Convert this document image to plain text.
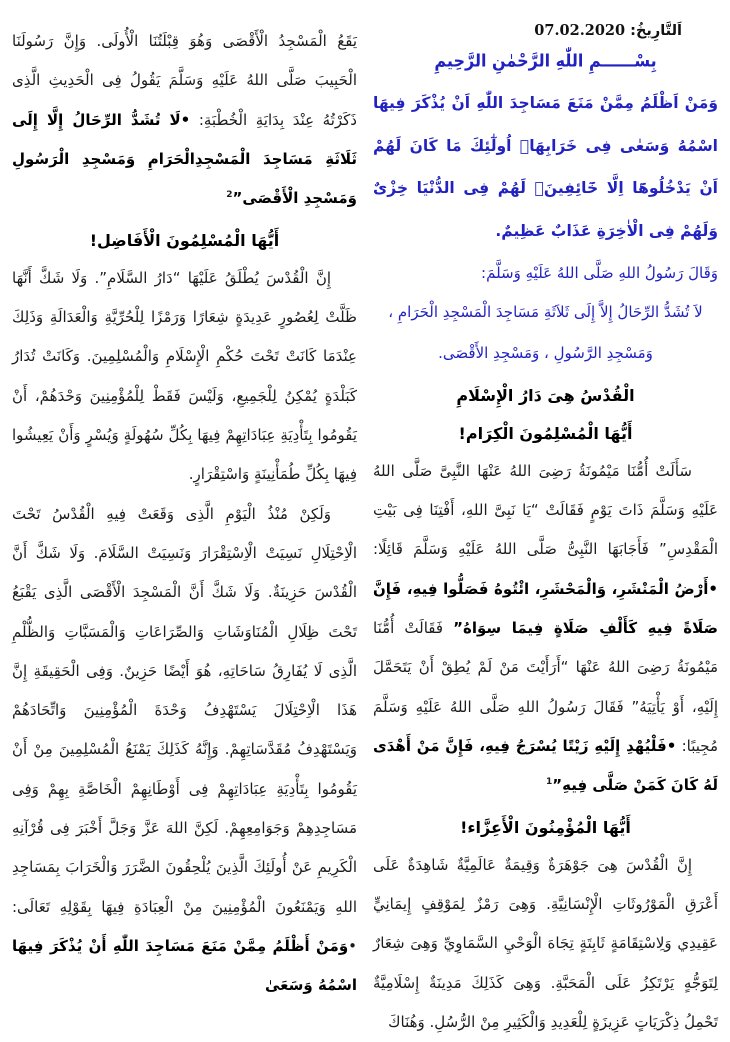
اَلتَّارِيخُ: 07.02.2020
بِسْــــــمِ اللّٰهِ الرَّحْمٰنِ الرَّحِيمِ

وَمَنْ اَظْلَمُ مِمَّنْ مَنَعَ مَسَاجِدَ اللّٰهِ اَنْ يُذْكَرَ فِيهَا اسْمُهُ وَسَعٰى فِى خَرَابِهَاۘ اُولٰٓئِكَ مَا كَانَ لَهُمْ اَنْ يَدْخُلُوهَٓا اِلَّا خَٓائِفِينَۚ لَهُمْ فِى الدُّنْيَا خِزْىٌ وَلَهُمْ فِى الْاٰخِرَةِ عَذَابٌ عَظِيمٌ.

وَقَالَ رَسُولُ اللهِ صَلَّى اللهُ عَلَيْهِ وَسَلَّمَ:

لاَ تُشَدُّ الرِّحَالُ إِلاَّ إِلَى ثَلاَثَةِ مَسَاجِدَ الْمَسْجِدِ الْحَرَامِ ، وَمَسْجِدِ الرَّسُولِ ، وَمَسْجِدِ الأَقْصَى.

الْقُدْسُ هِىَ دَارُ الْإِسْلَامِ
أَيُّهَا الْمُسْلِمُونَ الْكِرَام!

سَأَلَتْ أُمُّنَا مَيْمُونَةُ رَضِىَ اللهُ عَنْهَا النَّبِىَّ صَلَّى اللهُ عَلَيْهِ وَسَلَّمَ ذَاتَ يَوْمٍ فَقَالَتْ “يَا نَبِىَّ اللهِ، أَفْتِنَا فِى بَيْتِ الْمَقْدِسِ” فَأَجَابَهَا النَّبِىُّ صَلَّى اللهُ عَلَيْهِ وَسَلَّمَ قَائِلًا: •أَرْضُ الْمَنْشَرِ، وَالْمَحْشَرِ، ائْتُوهُ فَصَلُّوا فِيهِ، فَإِنَّ صَلَاةً فِيهِ كَأَلْفِ صَلَاةٍ فِيمَا سِوَاهُ” فَقَالَتْ أُمُّنَا مَيْمُونَةُ رَضِىَ اللهُ عَنْهَا “أَرَأَيْتَ مَنْ لَمْ يُطِقْ أَنْ يَتَحَمَّلَ إِلَيْهِ، أَوْ يَأْتِيَهُ” فَقَالَ رَسُولُ اللهِ صَلَّى اللهُ عَلَيْهِ وَسَلَّمَ مُجِيبًا: •فَلْيُهْدِ إِلَيْهِ زَيْتًا يُسْرَجُ فِيهِ، فَإِنَّ مَنْ أَهْدَى لَهُ كَانَ كَمَنْ صَلَّى فِيهِ”$^1$

أَيُّهَا الْمُؤْمِنُونَ الْأَعِزَّاء!

إِنَّ الْقُدْسَ هِىَ جَوْهَرَةٌ وَقِيمَةٌ عَالَمِيَّةٌ شَاهِدَةٌ عَلَى أَعْرَقِ الْمَوْرُوثَاتِ الْإِنْسَانِيَّةِ. وَهِىَ رَمْزٌ لِمَوْقِفٍ إِيمَانِيٍّ عَقِيدِي وَلِاسْتِقَامَةٍ ثَابِتَةٍ تِجَاهَ الْوَحْيِ السَّمَاوِيِّ وَهِىَ شِعَارٌ لِتَوَجُّهٍ يَرْتَكِزُ عَلَى الْمَحَبَّةِ. وَهِىَ كَذَلِكَ مَدِينَةٌ إِسْلَامِيَّةٌ تَحْمِلُ ذِكْرَيَاتٍ عَزِيزَةٍ لِلْعَدِيدِ وَالْكَثِيرِ مِنْ الرُّسُلِ. وَهُنَاكَ

يَقَعُ الْمَسْجِدُ الْأَقْصَى وَهُوَ قِبْلَتُنَا الْأُولَى. وَإِنَّ رَسُولَنَا الْحَبِيبَ صَلَّى اللهُ عَلَيْهِ وَسَلَّمَ يَقُولُ فِى الْحَدِيثِ الَّذِى ذَكَرْتُهُ عِنْدَ بِدَايَةِ الْخُطْبَةِ: •لَا تُشَدُّ الرِّحَالُ إِلَّا إِلَى ثَلَاثَةِ مَسَاجِدَ الْمَسْجِدِالْحَرَامِ وَمَسْجِدِ الْرَسُولِ وَمَسْجِدِ الْأَقْصَى”$^2$

أَيُّهَا الْمُسْلِمُونَ الْأَفَاضِل!

إِنَّ الْقُدْسَ يُطْلَقُ عَلَيْهَا “دَارُ السَّلَامِ”. وَلَا شَكَّ أَنَّهَا ظَلَّتْ لِعُصُورٍ عَدِيدَةٍ شِعَارًا وَرَمْزًا لِلْحُرِّيَّةِ وَالْعَدَالَةِ وَذَلِكَ عِنْدَمَا كَانَتْ تَحْتَ حُكْمِ الْإِسْلَامِ وَالْمُسْلِمِينَ. وَكَانَتْ تُدَارُ كَبَلْدَةٍ يُمْكِنُ لِلْجَمِيعِ، وَلَيْسَ فَقَطْ لِلْمُؤْمِنِينَ وَحْدَهُمْ، أَنْ يَقُومُوا بِتَأْدِيَةِ عِبَادَاتِهِمْ فِيهَا بِكُلِّ سُهُولَةٍ وَيُسْرٍ وَأَنْ يَعِيشُوا فِيهَا بِكُلِّ طُمَأْنِينَةٍ وَاسْتِقْرَارٍ.

وَلَكِنْ مُنْذُ الْيَوْمِ الَّذِى وَقَعَتْ فِيهِ الْقُدْسُ تَحْتَ الْاِحْتِلَالِ نَسِيَتْ الْاِسْتِقْرَارَ وَنَسِيَتْ السَّلَامَ. وَلَا شَكَّ أَنَّ الْقُدْسَ حَزِينَةٌ. وَلَا شَكَّ أَنَّ الْمَسْجِدَ الْأَقْصَى الَّذِى يَقْبَعُ تَحْتَ ظِلَالِ الْمُنَاوَشَاتِ وَالصِّرَاعَاتِ وَالْمَسَبَّاتِ وَالظُّلْمِ الَّذِى لَا يُفَارِقُ سَاحَاتِهِ، هُوَ أَيْضًا حَزِينٌ. وَفِى الْحَقِيقَةِ إِنَّ هَذَا الْاِحْتِلَالَ يَسْتَهْدِفُ وَحْدَةَ الْمُؤْمِنِينَ وَاتِّحَادَهُمْ وَيَسْتَهْدِفُ مُقَدَّسَاتِهِمْ. وَإِنَّهُ كَذَلِكَ يَمْنَعُ الْمُسْلِمِينَ مِنْ أَنْ يَقُومُوا بِتَأْدِيَةِ عِبَادَاتِهِمْ فِى أَوْطَانِهِمْ الْخَاصَّةِ بِهِمْ وَفِى مَسَاجِدِهِمْ وَجَوَامِعِهِمْ. لَكِنَّ اللهَ عَزَّ وَجَلَّ أَخْبَرَ فِى قُرْآنِهِ الْكَرِيمِ عَنْ أُولَئِكَ الَّذِينَ يُلْحِقُونَ الضَّرَرَ وَالْخَرَابَ بِمَسَاجِدِ اللهِ وَيَمْنَعُونَ الْمُؤْمِنِينَ مِنْ الْعِبَادَةِ فِيهَا بِقَوْلِهِ تَعَالَى: •وَمَنْ أَظْلَمُ مِمَّنْ مَنَعَ مَسَاجِدَ اللّٰهِ أَنْ يُذْكَرَ فِيهَا اسْمُهُ وَسَعَىٰ
